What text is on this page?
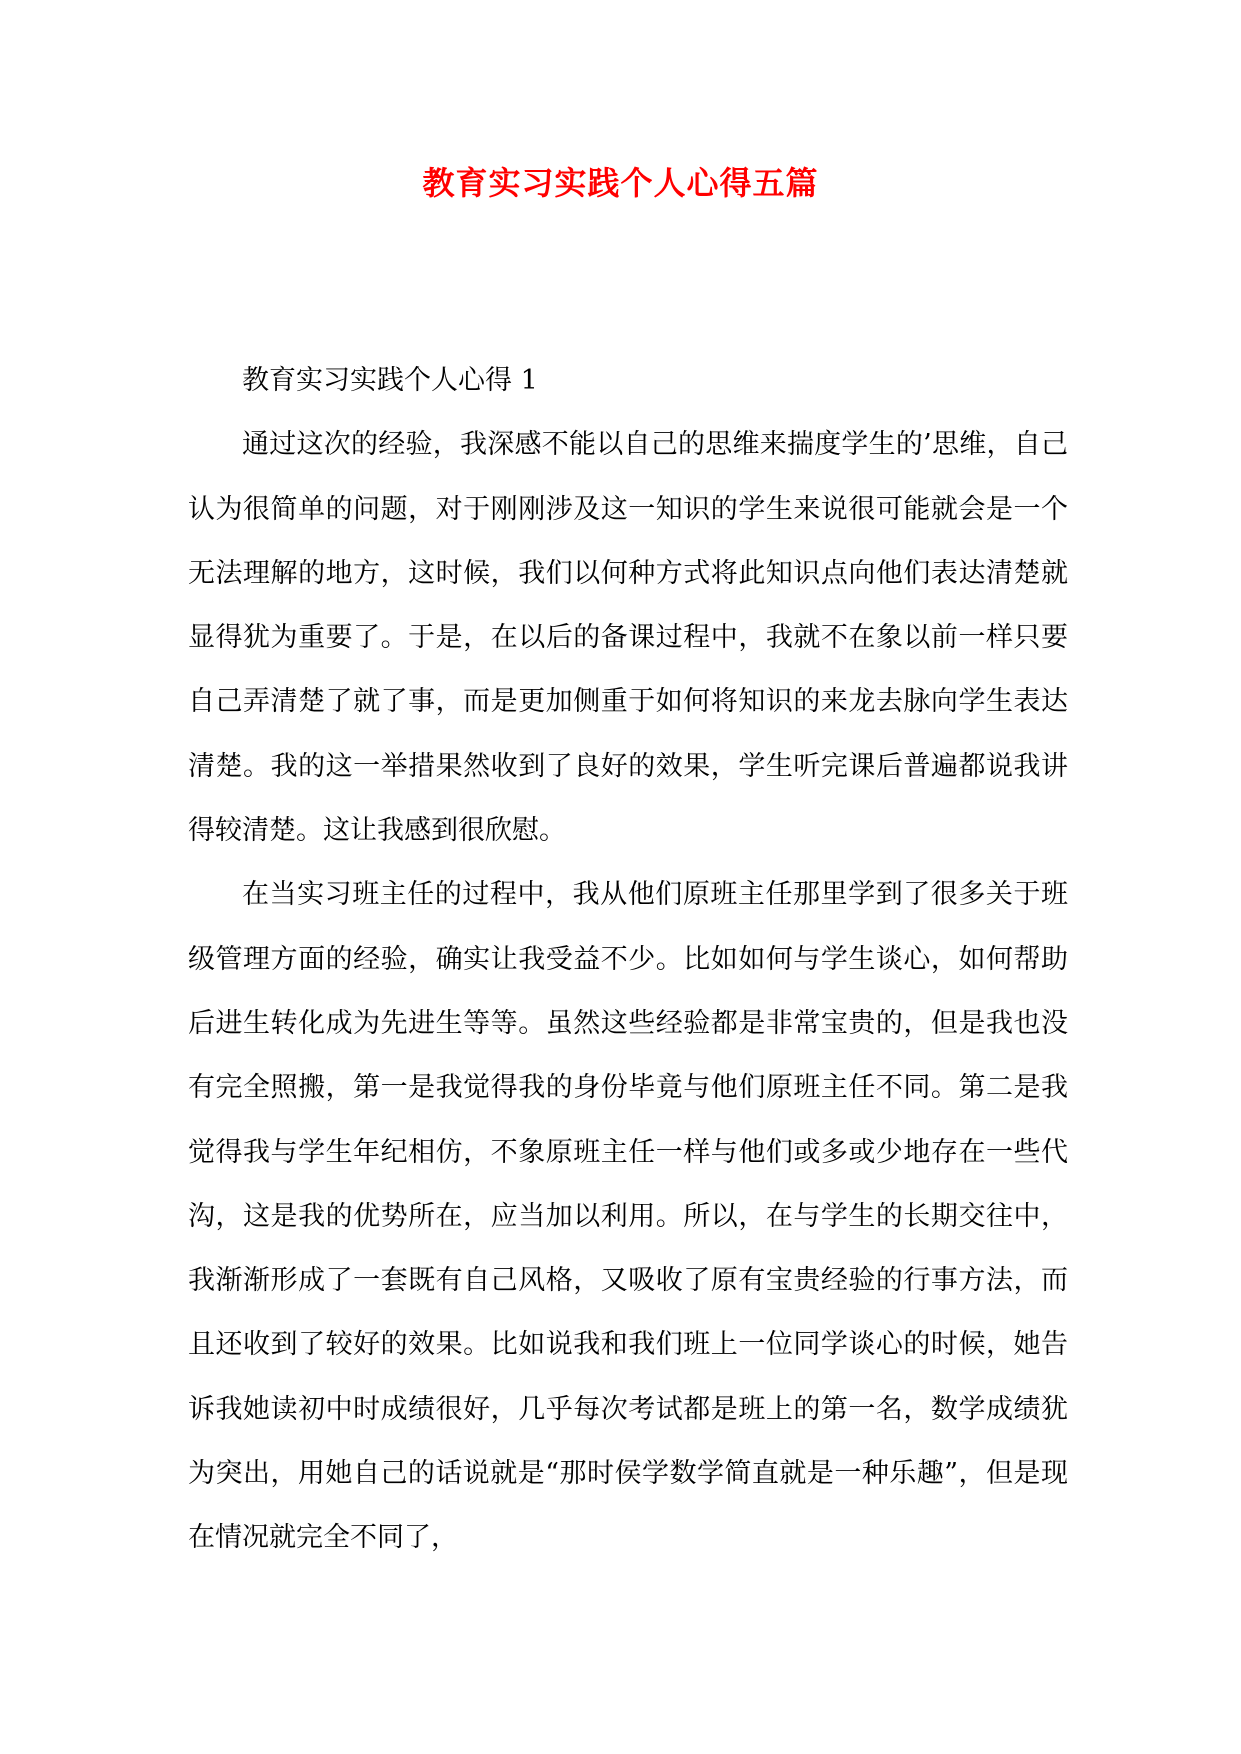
教育实习实践个人心得五篇

教育实习实践个人心得 1

通过这次的经验，我深感不能以自己的思维来揣度学生的’思维，自己认为很简单的问题，对于刚刚涉及这一知识的学生来说很可能就会是一个无法理解的地方，这时候，我们以何种方式将此知识点向他们表达清楚就显得犹为重要了。于是，在以后的备课过程中，我就不在象以前一样只要自己弄清楚了就了事，而是更加侧重于如何将知识的来龙去脉向学生表达清楚。我的这一举措果然收到了良好的效果，学生听完课后普遍都说我讲得较清楚。这让我感到很欣慰。

在当实习班主任的过程中，我从他们原班主任那里学到了很多关于班级管理方面的经验，确实让我受益不少。比如如何与学生谈心，如何帮助后进生转化成为先进生等等。虽然这些经验都是非常宝贵的，但是我也没有完全照搬，第一是我觉得我的身份毕竟与他们原班主任不同。第二是我觉得我与学生年纪相仿，不象原班主任一样与他们或多或少地存在一些代沟，这是我的优势所在，应当加以利用。所以，在与学生的长期交往中，我渐渐形成了一套既有自己风格，又吸收了原有宝贵经验的行事方法，而且还收到了较好的效果。比如说我和我们班上一位同学谈心的时候，她告诉我她读初中时成绩很好，几乎每次考试都是班上的第一名，数学成绩犹为突出，用她自己的话说就是“那时侯学数学简直就是一种乐趣”，但是现在情况就完全不同了，
